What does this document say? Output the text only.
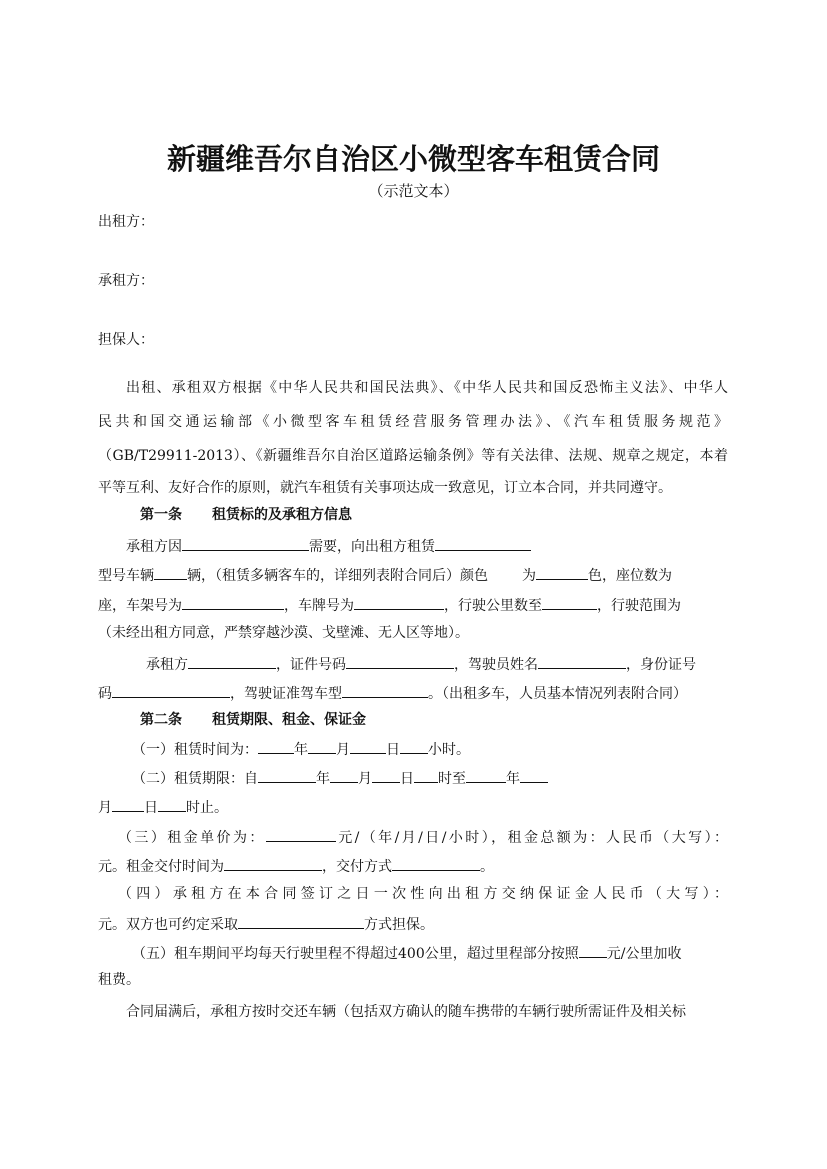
新疆维吾尔自治区小微型客车租赁合同
（示范文本）
出租方：
承租方：
担保人：
出租、承租双方根据《中华人民共和国民法典》、《中华人民共和国反恐怖主义法》、中华人
民共和国交通运输部《小微型客车租赁经营服务管理办法》、《汽车租赁服务规范》
（GB/T29911-2013）、《新疆维吾尔自治区道路运输条例》等有关法律、法规、规章之规定，本着
平等互利、友好合作的原则，就汽车租赁有关事项达成一致意见，订立本合同，并共同遵守。
第一条 租赁标的及承租方信息
承租方因	需要，向出租方租赁
型号车辆 辆，（租赁多辆客车的，详细列表附合同后）颜色 为	色，座位数为
座，车架号为	，车牌号为	，行驶公里数至	，行驶范围为
（未经出租方同意，严禁穿越沙漠、戈壁滩、无人区等地）。
承租方	，证件号码	，驾驶员姓名	，身份证号
码	，驾驶证准驾车型	。（出租多车，人员基本情况列表附合同）
第二条 租赁期限、租金、保证金
（一）租赁时间为：	年 月	日 小时。
（二）租赁期限：自	年 月 日 时至	年
月 日 时止。
（三）租金单价为：	元/（年/月/日/小时），租金总额为：人民币（大写）：
元。租金交付时间为	，交付方式	。
（四）承租方在本合同签订之日一次性向出租方交纳保证金人民币（大写）：
元。双方也可约定采取	方式担保。
（五）租车期间平均每天行驶里程不得超过400公里，超过里程部分按照 元/公里加收
租费。
合同届满后，承租方按时交还车辆（包括双方确认的随车携带的车辆行驶所需证件及相关标
